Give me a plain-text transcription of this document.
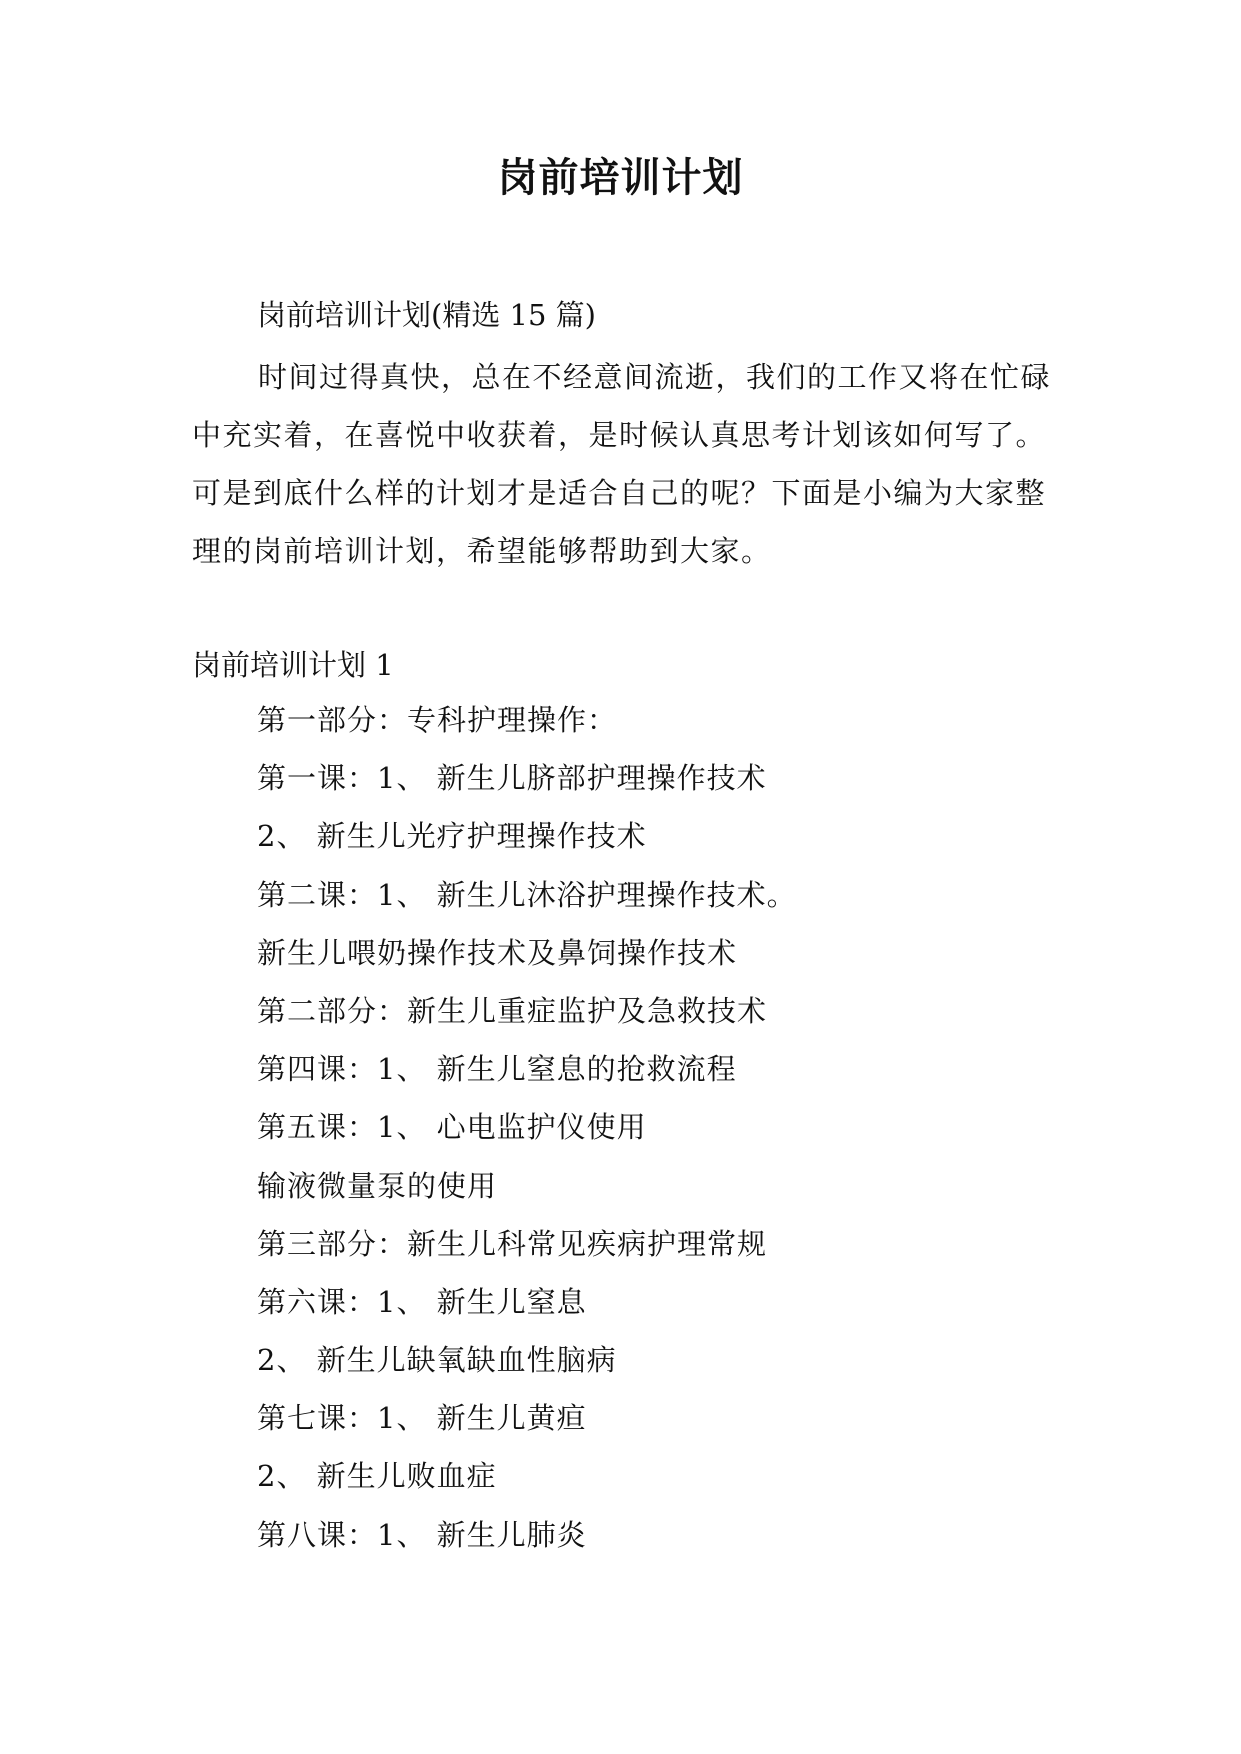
岗前培训计划
岗前培训计划(精选 15 篇)
时间过得真快，总在不经意间流逝，我们的工作又将在忙碌中充实着，在喜悦中收获着，是时候认真思考计划该如何写了。可是到底什么样的计划才是适合自己的呢？下面是小编为大家整理的岗前培训计划，希望能够帮助到大家。
岗前培训计划 1
第一部分：专科护理操作：
第一课：1、 新生儿脐部护理操作技术
2、 新生儿光疗护理操作技术
第二课：1、 新生儿沐浴护理操作技术。
新生儿喂奶操作技术及鼻饲操作技术
第二部分：新生儿重症监护及急救技术
第四课：1、 新生儿窒息的抢救流程
第五课：1、 心电监护仪使用
输液微量泵的使用
第三部分：新生儿科常见疾病护理常规
第六课：1、 新生儿窒息
2、 新生儿缺氧缺血性脑病
第七课：1、 新生儿黄疸
2、 新生儿败血症
第八课：1、 新生儿肺炎
